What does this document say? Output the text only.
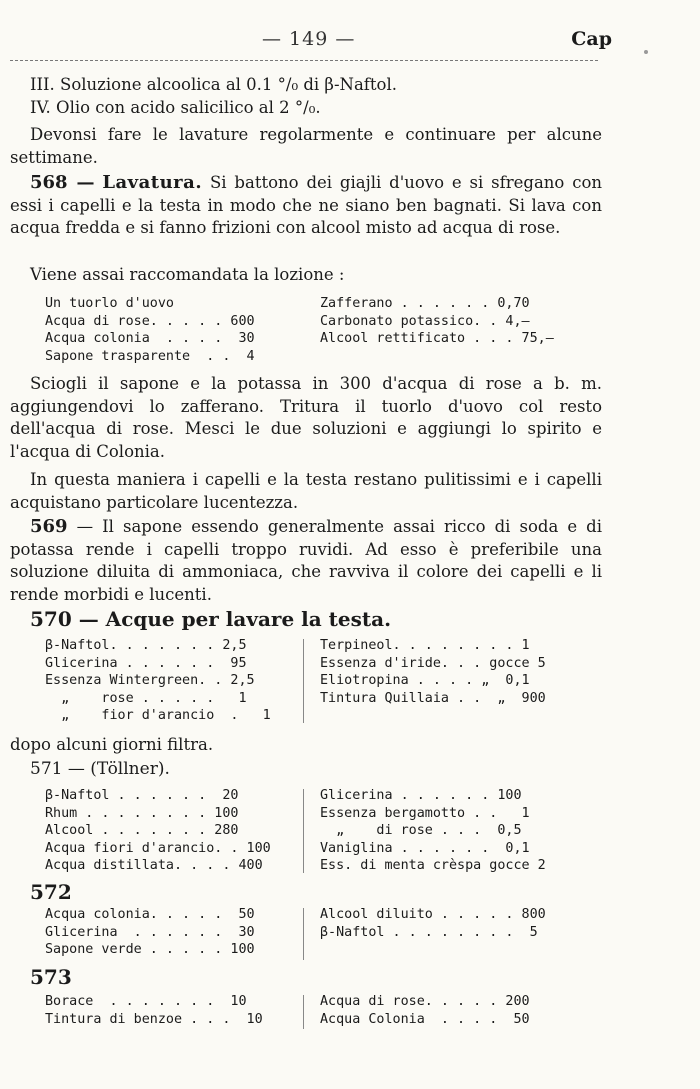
— 149 —	Cap
III. Soluzione alcoolica al 0.1 °/₀ di β-Naftol.
IV. Olio con acido salicilico al 2 °/₀.
Devonsi fare le lavature regolarmente e continuare per alcune settimane.
568 — Lavatura. Si battono dei giajli d'uovo e si sfregano con essi i capelli e la testa in modo che ne siano ben bagnati. Si lava con acqua fredda e si fanno frizioni con alcool misto ad acqua di rose.
Viene assai raccomandata la lozione :
Un tuorlo d'uovo
Acqua di rose. . . . . 600
Acqua colonia  . . . .  30
Sapone trasparente  . .  4
Zafferano . . . . . . 0,70
Carbonato potassico. . 4,—
Alcool rettificato . . . 75,—
Sciogli il sapone e la potassa in 300 d'acqua di rose a b. m. aggiungendovi lo zafferano. Tritura il tuorlo d'uovo col resto dell'acqua di rose. Mesci le due soluzioni e aggiungi lo spirito e l'acqua di Colonia.
In questa maniera i capelli e la testa restano pulitissimi e i capelli acquistano particolare lucentezza.
569 — Il sapone essendo generalmente assai ricco di soda e di potassa rende i capelli troppo ruvidi. Ad esso è preferibile una soluzione diluita di ammoniaca, che ravviva il colore dei capelli e li rende morbidi e lucenti.
570 — Acque per lavare la testa.
β-Naftol. . . . . . . 2,5
Glicerina . . . . . .  95
Essenza Wintergreen. . 2,5
„    rose . . . . .   1
„    fior d'arancio  .   1
Terpineol. . . . . . . . 1
Essenza d'iride. . . gocce 5
Eliotropina . . . . „  0,1
Tintura Quillaia . .  „  900
dopo alcuni giorni filtra.
571 — (Töllner).
β-Naftol . . . . . .  20
Rhum . . . . . . . . 100
Alcool . . . . . . . 280
Acqua fiori d'arancio. . 100
Acqua distillata. . . . 400
Glicerina . . . . . . 100
Essenza bergamotto . .   1
„    di rose . . .  0,5
Vaniglina . . . . . .  0,1
Ess. di menta crèspa gocce 2
572
Acqua colonia. . . . .  50
Glicerina  . . . . . .  30
Sapone verde . . . . . 100
Alcool diluito . . . . . 800
β-Naftol . . . . . . . .  5
573
Borace  . . . . . . .  10
Tintura di benzoe . . .  10
Acqua di rose. . . . . 200
Acqua Colonia  . . . .  50
